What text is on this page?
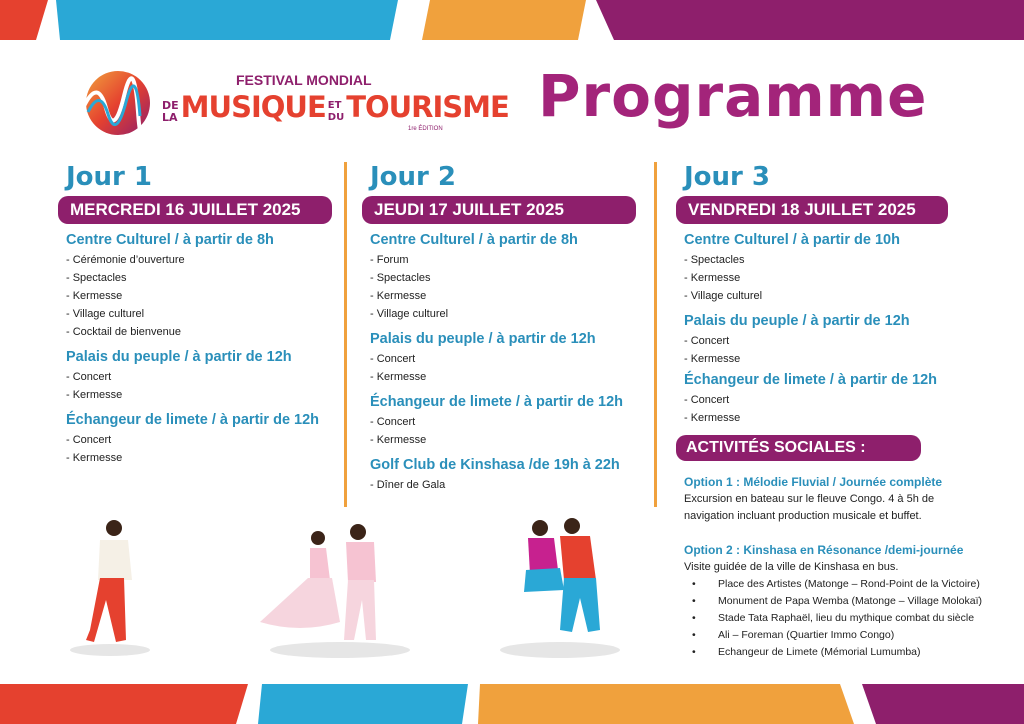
FESTIVAL MONDIAL
DE
LA MUSIQUE ET
DU TOURISME
1re ÉDITION Programme
Jour 1
MERCREDI 16 JUILLET 2025
Centre Culturel / à partir de 8h
- Cérémonie d’ouverture
- Spectacles
- Kermesse
- Village culturel
- Cocktail de bienvenue
Palais du peuple / à partir de 12h
- Concert
- Kermesse
Échangeur de limete / à partir de 12h
- Concert
- Kermesse
Jour 2
JEUDI 17 JUILLET 2025
Centre Culturel / à partir de 8h
- Forum
- Spectacles
- Kermesse
- Village culturel
Palais du peuple / à partir de 12h
- Concert
- Kermesse
Échangeur de limete / à partir de 12h
- Concert
- Kermesse
Golf Club de Kinshasa /de 19h à 22h
- Dîner de Gala
Jour 3
VENDREDI 18 JUILLET 2025
Centre Culturel / à partir de 10h
- Spectacles
- Kermesse
- Village culturel
Palais du peuple / à partir de 12h
- Concert
- Kermesse
Échangeur de limete / à partir de 12h
- Concert
- Kermesse
ACTIVITÉS SOCIALES :
Option 1 : Mélodie Fluvial / Journée complète
Excursion en bateau sur le fleuve Congo. 4 à 5h de navigation incluant production musicale et buffet.
Option 2 : Kinshasa en Résonance /demi-journée
Visite guidée de la ville de Kinshasa en bus.
• Place des Artistes (Matonge – Rond-Point de la Victoire)
• Monument de Papa Wemba (Matonge – Village Molokaï)
• Stade Tata Raphaël, lieu du mythique combat du siècle
• Ali – Foreman (Quartier Immo Congo)
• Echangeur de Limete (Mémorial Lumumba)
